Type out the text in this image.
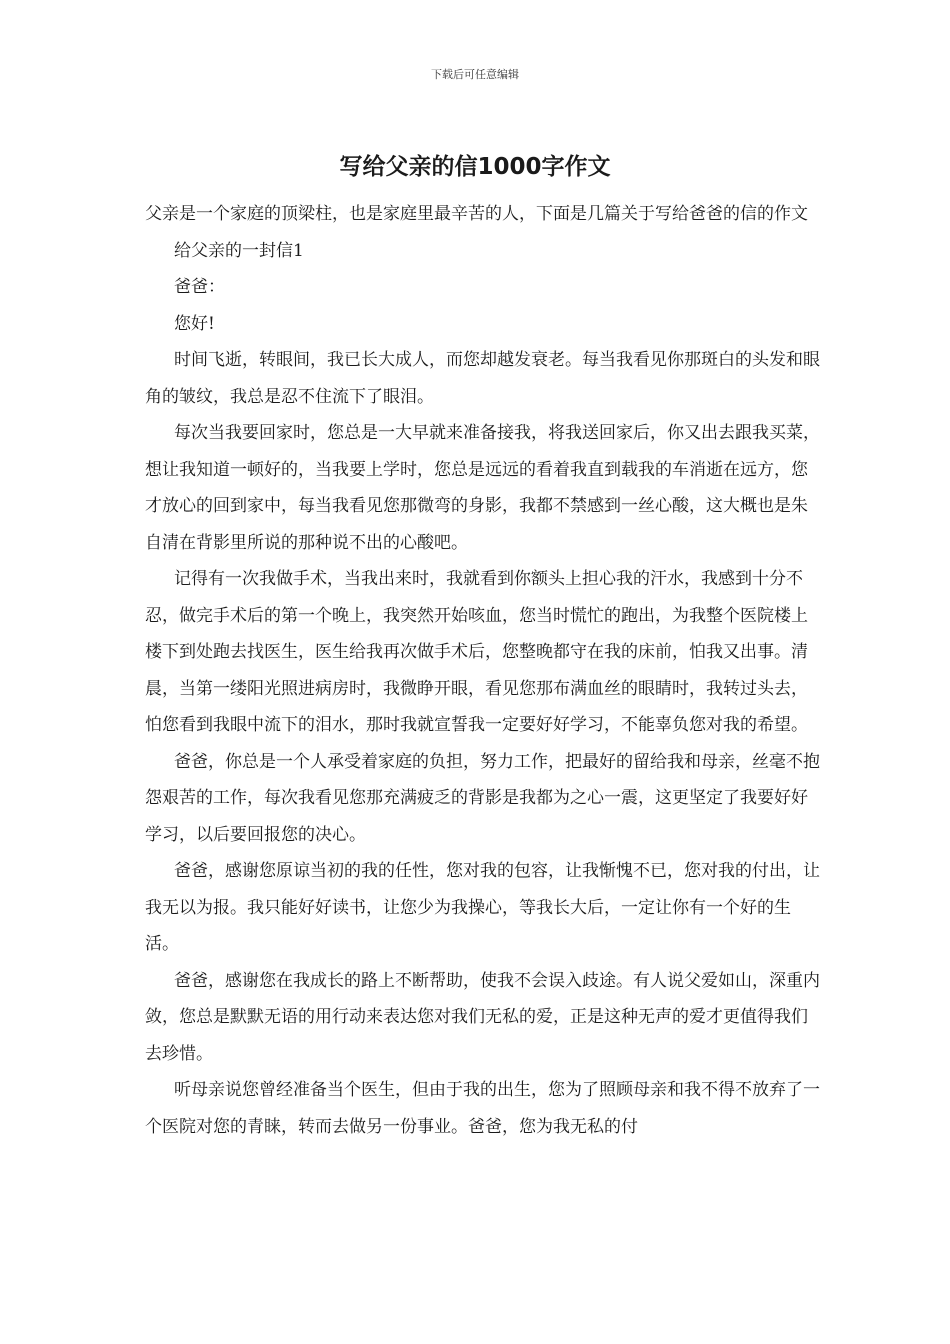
下载后可任意编辑
写给父亲的信1000字作文

父亲是一个家庭的顶梁柱，也是家庭里最辛苦的人，下面是几篇关于写给爸爸的信的作文

给父亲的一封信1

爸爸：

您好!

时间飞逝，转眼间，我已长大成人，而您却越发衰老。每当我看见你那斑白的头发和眼角的皱纹，我总是忍不住流下了眼泪。

每次当我要回家时，您总是一大早就来准备接我，将我送回家后，你又出去跟我买菜，想让我知道一顿好的，当我要上学时，您总是远远的看着我直到载我的车消逝在远方，您才放心的回到家中，每当我看见您那微弯的身影，我都不禁感到一丝心酸，这大概也是朱自清在背影里所说的那种说不出的心酸吧。

记得有一次我做手术，当我出来时，我就看到你额头上担心我的汗水，我感到十分不忍，做完手术后的第一个晚上，我突然开始咳血，您当时慌忙的跑出，为我整个医院楼上楼下到处跑去找医生，医生给我再次做手术后，您整晚都守在我的床前，怕我又出事。清晨，当第一缕阳光照进病房时，我微睁开眼，看见您那布满血丝的眼睛时，我转过头去，怕您看到我眼中流下的泪水，那时我就宣誓我一定要好好学习，不能辜负您对我的希望。

爸爸，你总是一个人承受着家庭的负担，努力工作，把最好的留给我和母亲，丝毫不抱怨艰苦的工作，每次我看见您那充满疲乏的背影是我都为之心一震，这更坚定了我要好好学习，以后要回报您的决心。

爸爸，感谢您原谅当初的我的任性，您对我的包容，让我惭愧不已，您对我的付出，让我无以为报。我只能好好读书，让您少为我操心，等我长大后，一定让你有一个好的生活。

爸爸，感谢您在我成长的路上不断帮助，使我不会误入歧途。有人说父爱如山，深重内敛，您总是默默无语的用行动来表达您对我们无私的爱，正是这种无声的爱才更值得我们去珍惜。

听母亲说您曾经准备当个医生，但由于我的出生，您为了照顾母亲和我不得不放弃了一个医院对您的青睐，转而去做另一份事业。爸爸，您为我无私的付
